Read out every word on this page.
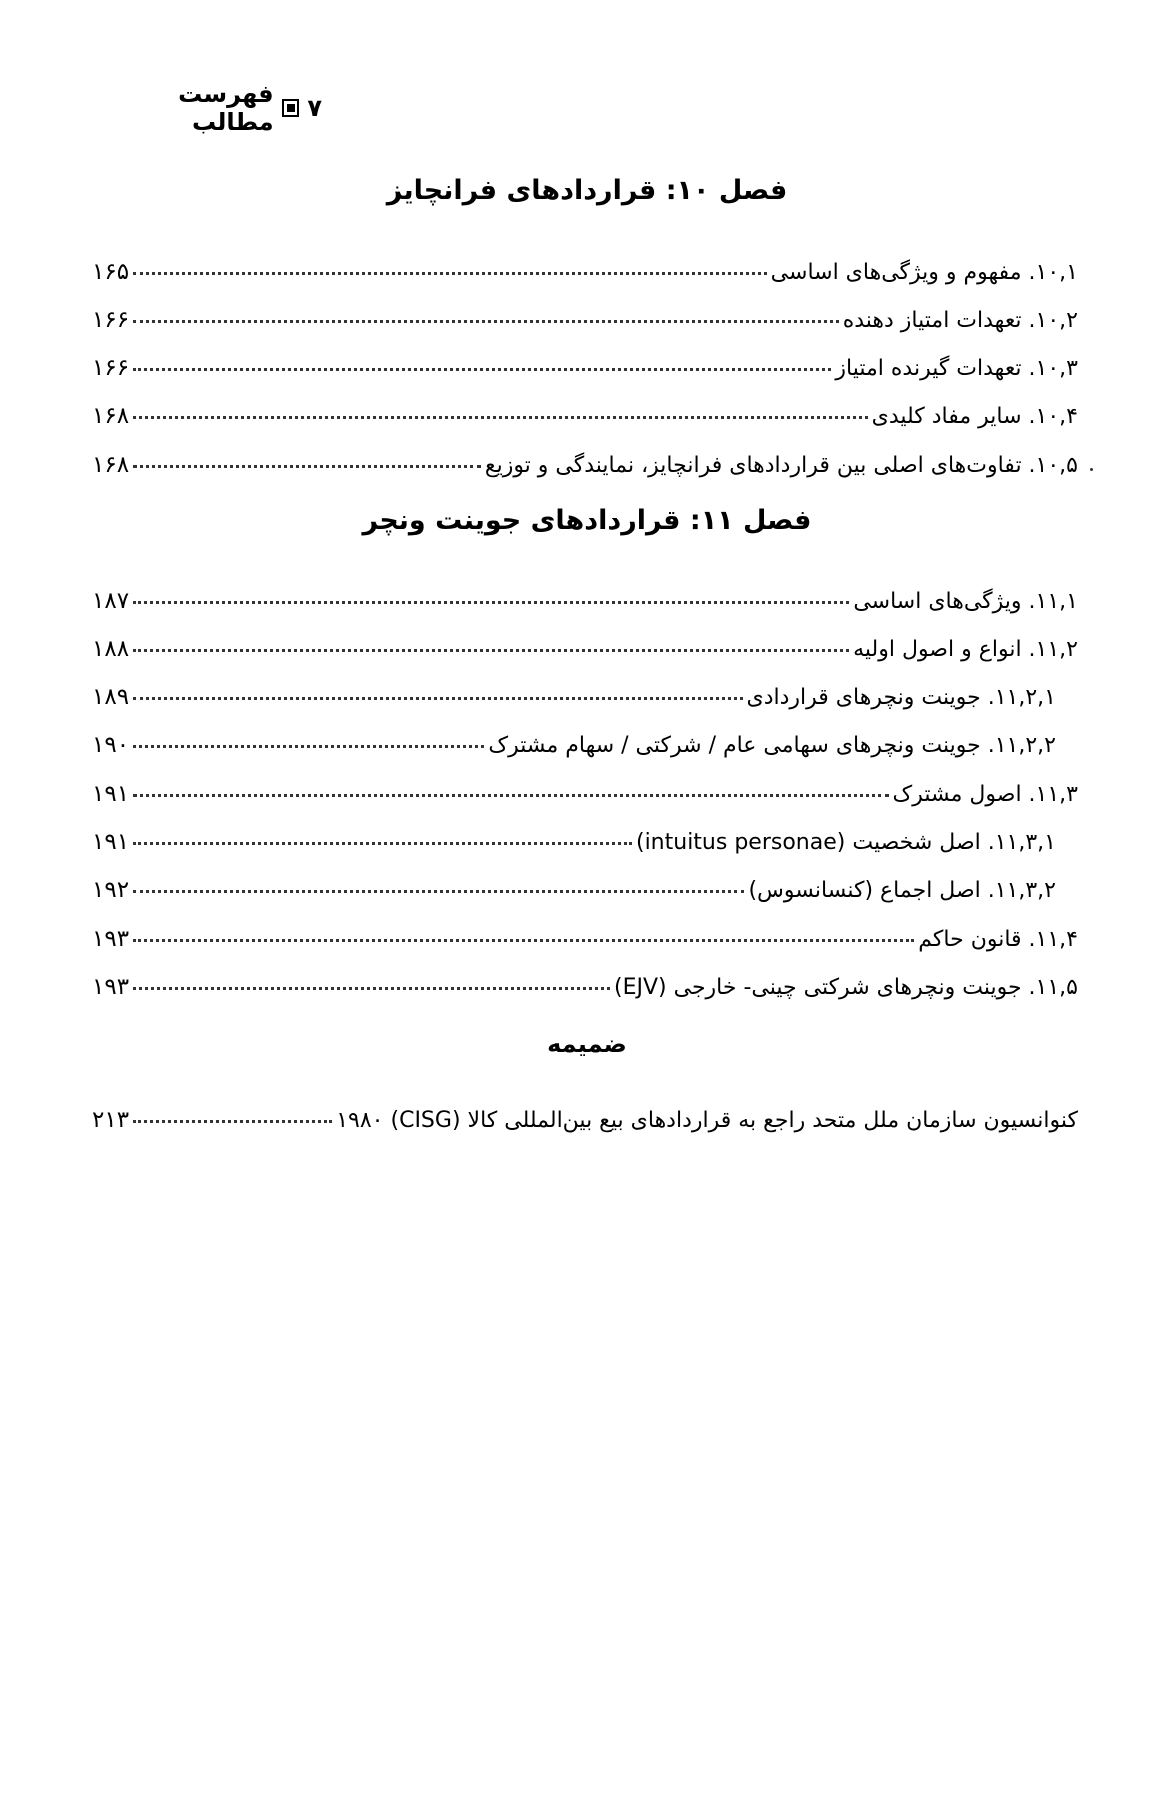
۷
فهرست مطالب
فصل ۱۰: قراردادهای فرانچایز
۱۰,۱. مفهوم و ویژگی‌های اساسی
۱۶۵
۱۰,۲. تعهدات امتیاز دهنده
۱۶۶
۱۰,۳. تعهدات گیرنده امتیاز
۱۶۶
۱۰,۴. سایر مفاد کلیدی
۱۶۸
۱۰,۵. تفاوت‌های اصلی بین قراردادهای فرانچایز، نمایندگی و توزیع
۱۶۸
فصل ۱۱: قراردادهای جوینت ونچر
۱۱,۱. ویژگی‌های اساسی
۱۸۷
۱۱,۲. انواع و اصول اولیه
۱۸۸
۱۱,۲,۱. جوینت ونچرهای قراردادی
۱۸۹
۱۱,۲,۲. جوینت ونچرهای سهامی عام / شرکتی / سهام مشترک
۱۹۰
۱۱,۳. اصول مشترک
۱۹۱
۱۱,۳,۱. اصل شخصیت (intuitus personae)
۱۹۱
۱۱,۳,۲. اصل اجماع (کنسانسوس)
۱۹۲
۱۱,۴. قانون حاکم
۱۹۳
۱۱,۵. جوینت ونچرهای شرکتی چینی- خارجی (EJV)
۱۹۳
ضمیمه
کنوانسیون سازمان ملل متحد راجع به قراردادهای بیع بین‌المللی کالا (CISG) ۱۹۸۰
۲۱۳
